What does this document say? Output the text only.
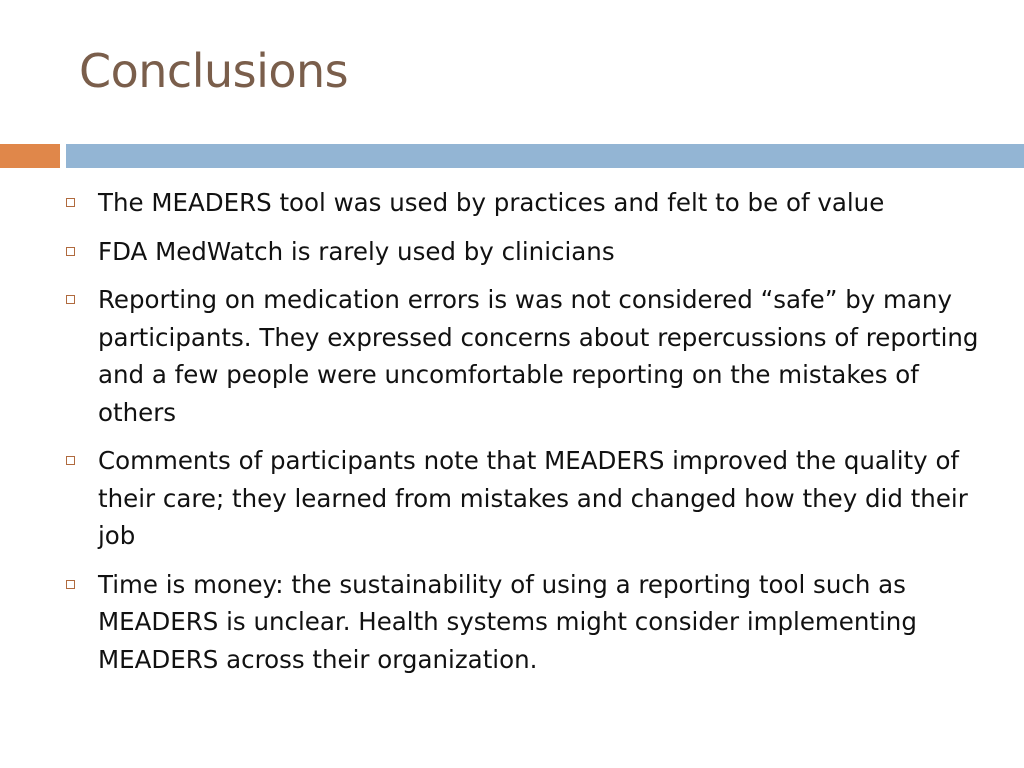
Conclusions
The MEADERS tool was used by practices and felt to be of value
FDA MedWatch is rarely used by clinicians
Reporting on medication errors is was not considered “safe” by many participants. They expressed concerns about repercussions of reporting and a few people were uncomfortable reporting on the mistakes of others
Comments of participants note that MEADERS improved the quality of their care; they learned from mistakes and changed how they did their job
Time is money: the sustainability of using a reporting tool such as MEADERS is unclear. Health systems might consider implementing MEADERS across their organization.
